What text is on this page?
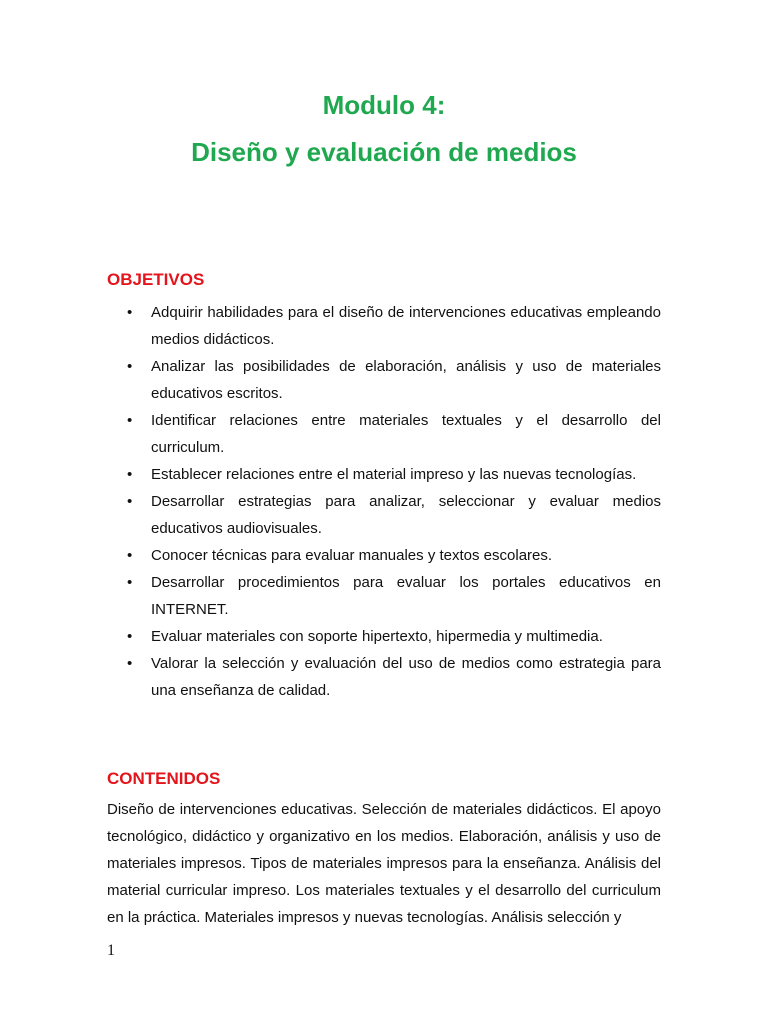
Modulo 4:
Diseño y evaluación de medios
OBJETIVOS
• Adquirir habilidades para el diseño de intervenciones educativas empleando medios didácticos.
• Analizar las posibilidades de elaboración, análisis y uso de materiales educativos escritos.
• Identificar relaciones entre materiales textuales y el desarrollo del curriculum.
• Establecer relaciones entre el material impreso y las nuevas tecnologías.
• Desarrollar estrategias para analizar, seleccionar y evaluar medios educativos audiovisuales.
• Conocer técnicas para evaluar manuales y textos escolares.
• Desarrollar procedimientos para evaluar los portales educativos en INTERNET.
• Evaluar materiales con soporte hipertexto, hipermedia y multimedia.
• Valorar la selección y evaluación del uso de medios como estrategia para una enseñanza de calidad.
CONTENIDOS

Diseño de intervenciones educativas. Selección de materiales didácticos. El apoyo tecnológico, didáctico y organizativo en los medios. Elaboración, análisis y uso de materiales impresos. Tipos de materiales impresos para la enseñanza. Análisis del material curricular impreso. Los materiales textuales y el desarrollo del curriculum en la práctica. Materiales impresos y nuevas tecnologías. Análisis selección y

1
